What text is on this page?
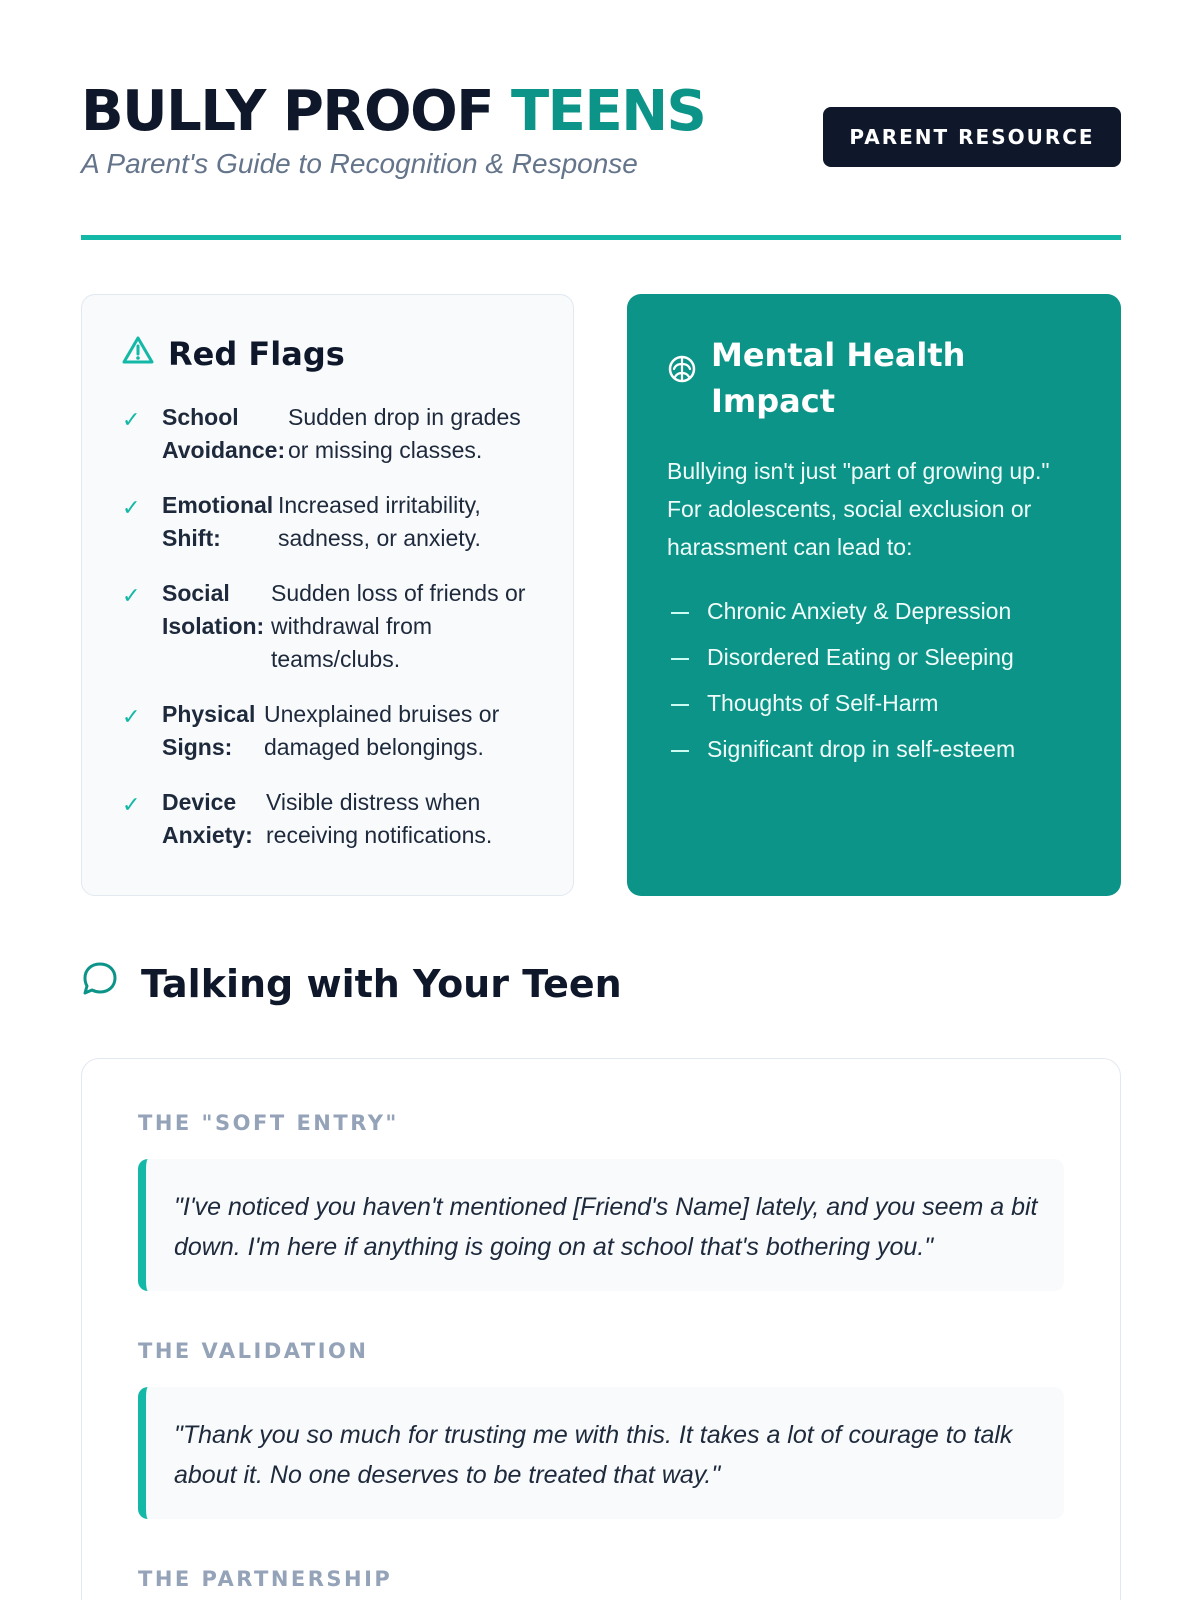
BULLY PROOF TEENS
A Parent's Guide to Recognition & Response
PARENT RESOURCE
Red Flags
✓ School Avoidance:
Sudden drop in grades or missing classes.
✓ Emotional Shift:
Increased irritability, sadness, or anxiety.
✓ Social Isolation:
Sudden loss of friends or withdrawal from teams/clubs.
✓ Physical Signs:
Unexplained bruises or damaged belongings.
✓ Device Anxiety:
Visible distress when receiving notifications.
Mental Health Impact

Bullying isn't just "part of growing up." For adolescents, social exclusion or harassment can lead to:

Chronic Anxiety & Depression
Disordered Eating or Sleeping
Thoughts of Self-Harm
Significant drop in self-esteem
Talking with Your Teen
THE "SOFT ENTRY"
"I've noticed you haven't mentioned [Friend's Name] lately, and you seem a bit down. I'm here if anything is going on at school that's bothering you."
THE VALIDATION
"Thank you so much for trusting me with this. It takes a lot of courage to talk about it. No one deserves to be treated that way."
THE PARTNERSHIP
